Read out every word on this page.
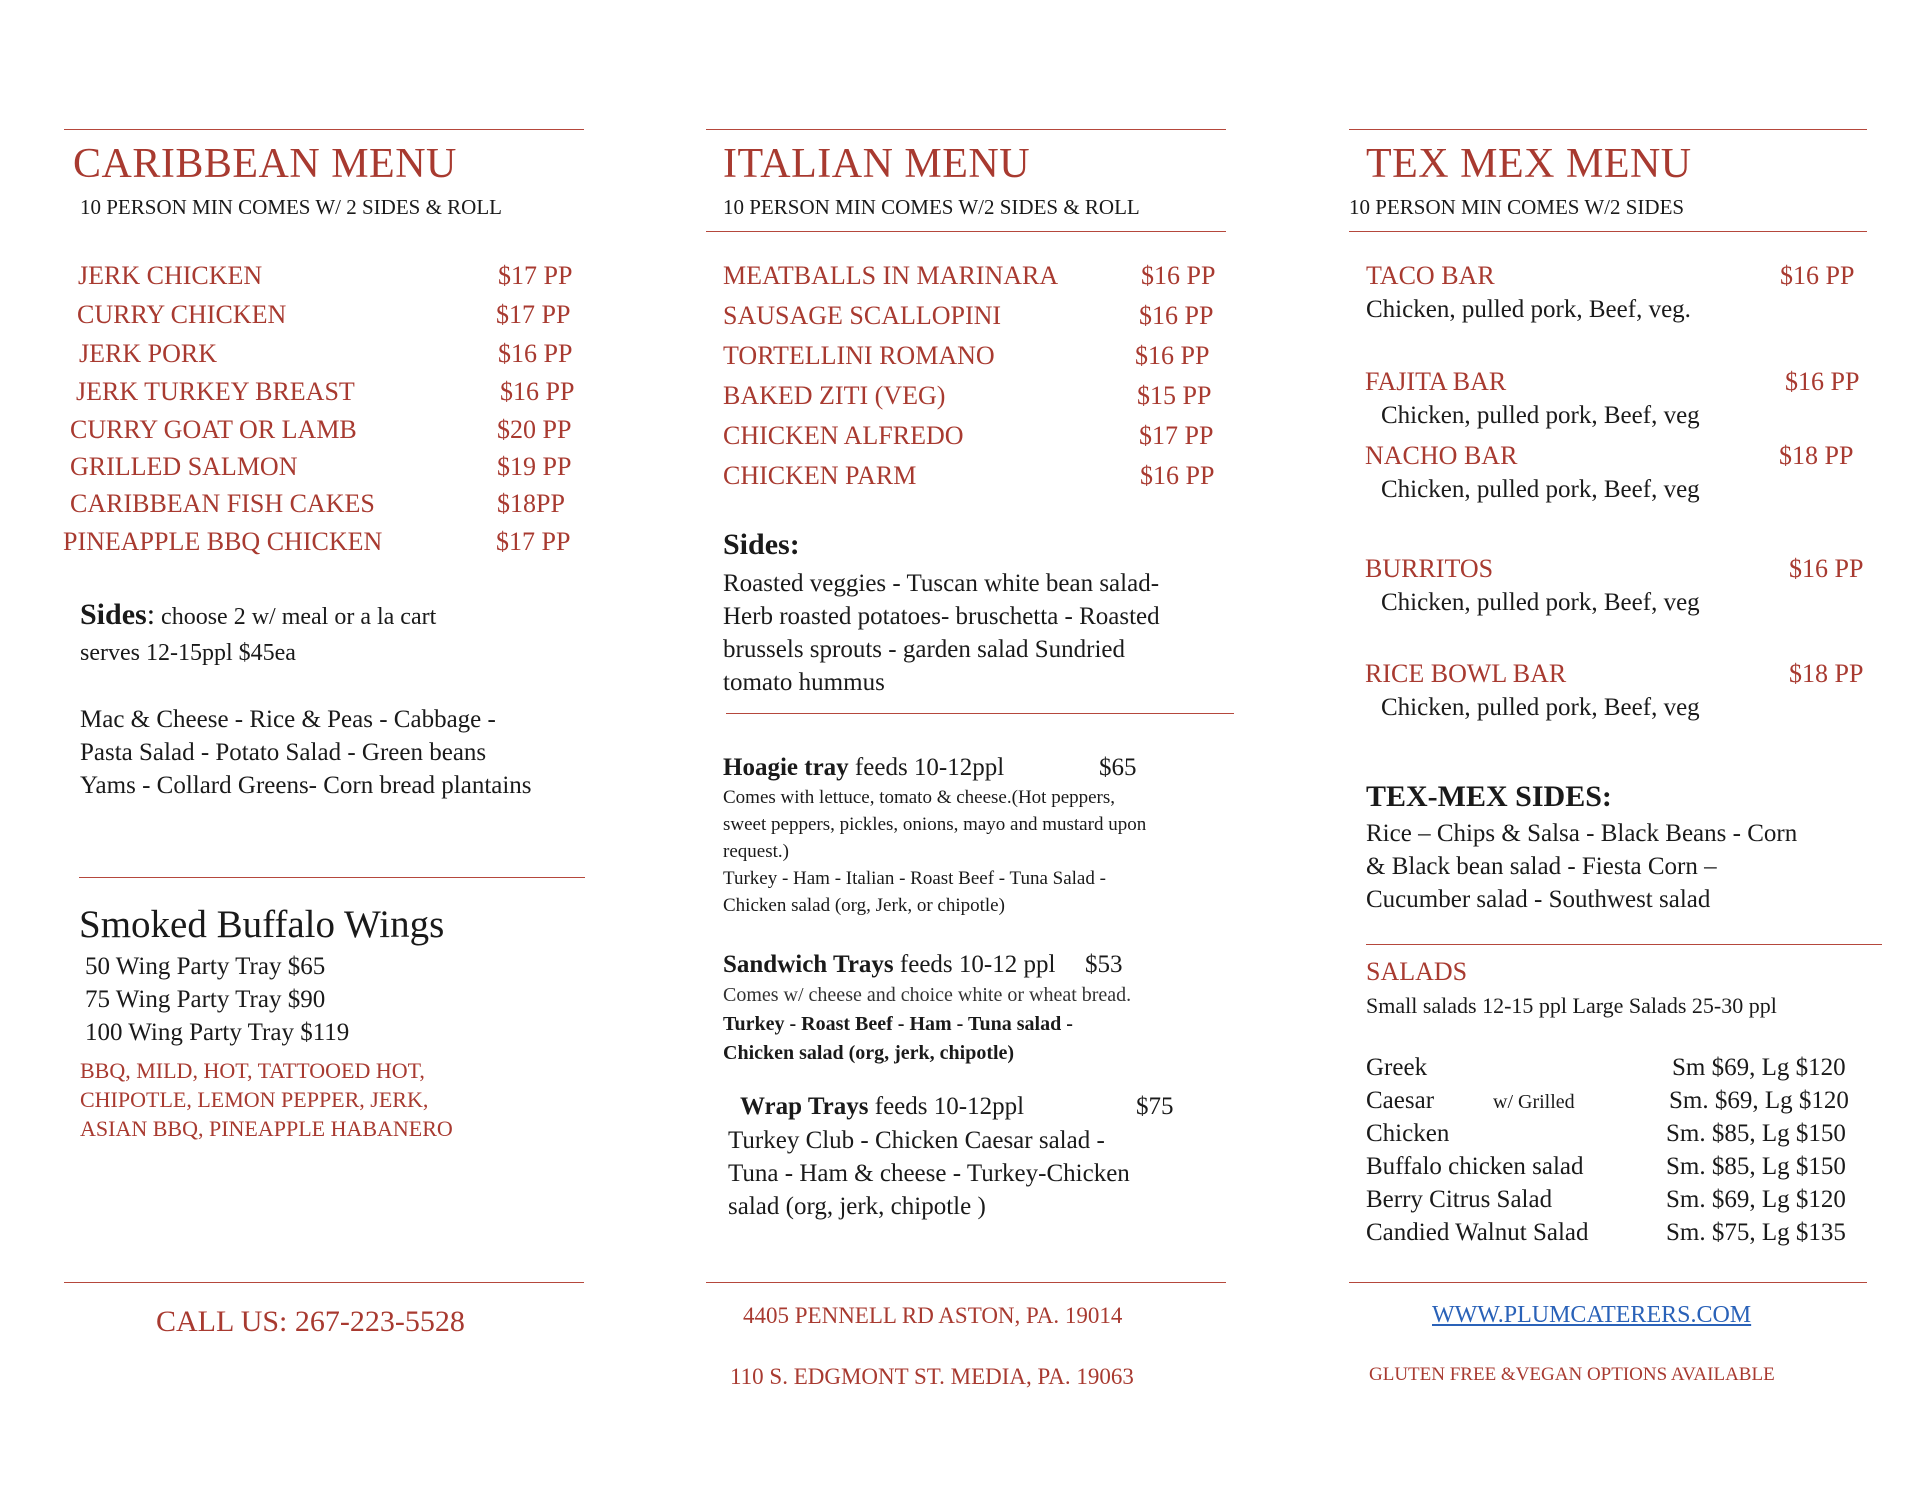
CARIBBEAN MENU
10 PERSON MIN COMES W/ 2 SIDES & ROLL
JERK CHICKEN	$17 PP
CURRY CHICKEN	$17 PP
JERK PORK	$16 PP
JERK TURKEY BREAST	$16 PP
CURRY GOAT OR LAMB	$20 PP
GRILLED SALMON	$19 PP
CARIBBEAN FISH CAKES	$18PP
PINEAPPLE BBQ CHICKEN	$17 PP
Sides: choose 2 w/ meal or a la cart
serves 12-15ppl $45ea
Mac & Cheese - Rice & Peas - Cabbage -
Pasta Salad - Potato Salad - Green beans
Yams - Collard Greens- Corn bread plantains
Smoked Buffalo Wings
50 Wing Party Tray $65
75 Wing Party Tray $90
100 Wing Party Tray $119
BBQ, MILD, HOT, TATTOOED HOT,
CHIPOTLE, LEMON PEPPER, JERK,
ASIAN BBQ, PINEAPPLE HABANERO
CALL US: 267-223-5528
ITALIAN MENU
10 PERSON MIN COMES W/2 SIDES & ROLL
MEATBALLS IN MARINARA	$16 PP
SAUSAGE SCALLOPINI	$16 PP
TORTELLINI ROMANO	$16 PP
BAKED ZITI (VEG)	$15 PP
CHICKEN ALFREDO	$17 PP
CHICKEN PARM	$16 PP
Sides:
Roasted veggies - Tuscan white bean salad-
Herb roasted potatoes- bruschetta - Roasted
brussels sprouts - garden salad Sundried
tomato hummus
Hoagie tray feeds 10-12ppl	$65
Comes with lettuce, tomato & cheese.(Hot peppers,
sweet peppers, pickles, onions, mayo and mustard upon
request.)
Turkey - Ham - Italian - Roast Beef - Tuna Salad -
Chicken salad (org, Jerk, or chipotle)
Sandwich Trays feeds 10-12 ppl $53
Comes w/ cheese and choice white or wheat bread.
Turkey - Roast Beef - Ham - Tuna salad -
Chicken salad (org, jerk, chipotle)
Wrap Trays feeds 10-12ppl	$75
Turkey Club - Chicken Caesar salad -
Tuna - Ham & cheese - Turkey-Chicken
salad (org, jerk, chipotle )
4405 PENNELL RD ASTON, PA. 19014
110 S. EDGMONT ST. MEDIA, PA. 19063
TEX MEX MENU
10 PERSON MIN COMES W/2 SIDES
TACO BAR	$16 PP
Chicken, pulled pork, Beef, veg.
FAJITA BAR	$16 PP
Chicken, pulled pork, Beef, veg
NACHO BAR	$18 PP
Chicken, pulled pork, Beef, veg
BURRITOS	$16 PP
Chicken, pulled pork, Beef, veg
RICE BOWL BAR	$18 PP
Chicken, pulled pork, Beef, veg
TEX-MEX SIDES:
Rice – Chips & Salsa - Black Beans - Corn
& Black bean salad - Fiesta Corn –
Cucumber salad - Southwest salad
SALADS
Small salads 12-15 ppl Large Salads 25-30 ppl
Greek	Sm $69, Lg $120
Caesar	w/ Grilled	Sm. $69, Lg $120
Chicken	Sm. $85, Lg $150
Buffalo chicken salad	Sm. $85, Lg $150
Berry Citrus Salad	Sm. $69, Lg $120
Candied Walnut Salad	Sm. $75, Lg $135
WWW.PLUMCATERERS.COM
GLUTEN FREE &VEGAN OPTIONS AVAILABLE
